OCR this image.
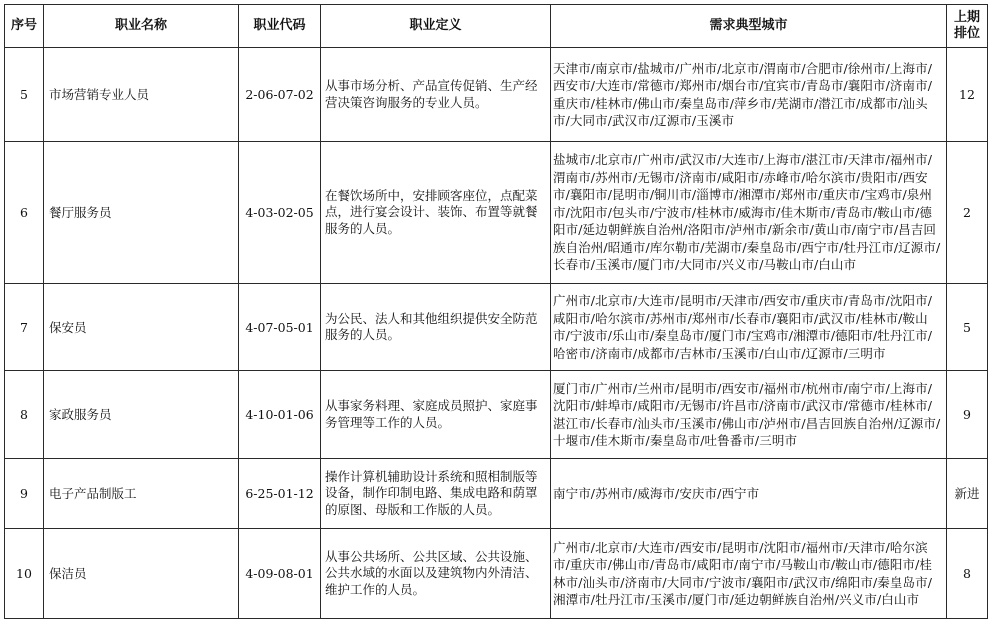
序号	职业名称	职业代码	职业定义	需求典型城市	上期排位
5	市场营销专业人员	2-06-07-02	从事市场分析、产品宣传促销、生产经营决策咨询服务的专业人员。	天津市/南京市/盐城市/广州市/北京市/渭南市/合肥市/徐州市/上海市/西安市/大连市/常德市/郑州市/烟台市/宜宾市/青岛市/襄阳市/济南市/重庆市/桂林市/佛山市/秦皇岛市/萍乡市/芜湖市/潜江市/成都市/汕头市/大同市/武汉市/辽源市/玉溪市	12
6	餐厅服务员	4-03-02-05	在餐饮场所中，安排顾客座位，点配菜点，进行宴会设计、装饰、布置等就餐服务的人员。	盐城市/北京市/广州市/武汉市/大连市/上海市/湛江市/天津市/福州市/渭南市/苏州市/无锡市/济南市/咸阳市/赤峰市/哈尔滨市/贵阳市/西安市/襄阳市/昆明市/铜川市/淄博市/湘潭市/郑州市/重庆市/宝鸡市/泉州市/沈阳市/包头市/宁波市/桂林市/威海市/佳木斯市/青岛市/鞍山市/德阳市/延边朝鲜族自治州/洛阳市/泸州市/新余市/黄山市/南宁市/昌吉回族自治州/昭通市/库尔勒市/芜湖市/秦皇岛市/西宁市/牡丹江市/辽源市/长春市/玉溪市/厦门市/大同市/兴义市/马鞍山市/白山市	2
7	保安员	4-07-05-01	为公民、法人和其他组织提供安全防范服务的人员。	广州市/北京市/大连市/昆明市/天津市/西安市/重庆市/青岛市/沈阳市/咸阳市/哈尔滨市/苏州市/郑州市/长春市/襄阳市/武汉市/桂林市/鞍山市/宁波市/乐山市/秦皇岛市/厦门市/宝鸡市/湘潭市/德阳市/牡丹江市/哈密市/济南市/成都市/吉林市/玉溪市/白山市/辽源市/三明市	5
8	家政服务员	4-10-01-06	从事家务料理、家庭成员照护、家庭事务管理等工作的人员。	厦门市/广州市/兰州市/昆明市/西安市/福州市/杭州市/南宁市/上海市/沈阳市/蚌埠市/咸阳市/无锡市/许昌市/济南市/武汉市/常德市/桂林市/湛江市/长春市/汕头市/玉溪市/佛山市/泸州市/昌吉回族自治州/辽源市/十堰市/佳木斯市/秦皇岛市/吐鲁番市/三明市	9
9	电子产品制版工	6-25-01-12	操作计算机辅助设计系统和照相制版等设备，制作印制电路、集成电路和荫罩的原图、母版和工作版的人员。	南宁市/苏州市/威海市/安庆市/西宁市	新进
10	保洁员	4-09-08-01	从事公共场所、公共区域、公共设施、公共水域的水面以及建筑物内外清洁、维护工作的人员。	广州市/北京市/大连市/西安市/昆明市/沈阳市/福州市/天津市/哈尔滨市/重庆市/佛山市/青岛市/咸阳市/南宁市/马鞍山市/鞍山市/德阳市/桂林市/汕头市/济南市/大同市/宁波市/襄阳市/武汉市/绵阳市/秦皇岛市/湘潭市/牡丹江市/玉溪市/厦门市/延边朝鲜族自治州/兴义市/白山市	8
